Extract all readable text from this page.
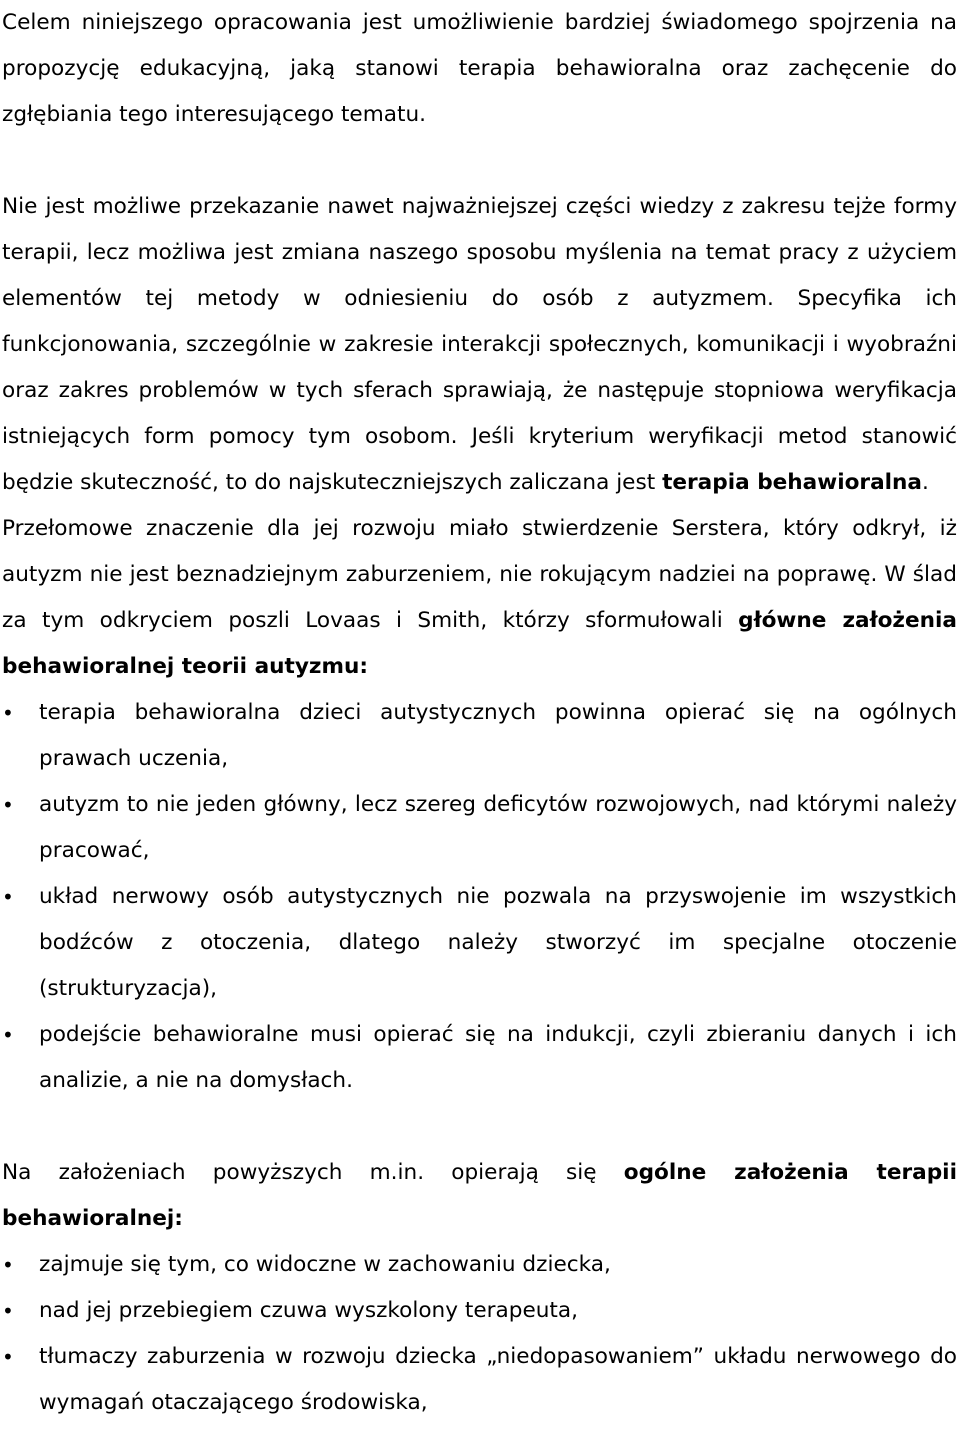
Celem niniejszego opracowania jest umożliwienie bardziej świadomego spojrzenia na propozycję edukacyjną, jaką stanowi terapia behawioralna oraz zachęcenie do zgłębiania tego interesującego tematu.

Nie jest możliwe przekazanie nawet najważniejszej części wiedzy z zakresu tejże formy terapii, lecz możliwa jest zmiana naszego sposobu myślenia na temat pracy z użyciem elementów tej metody w odniesieniu do osób z autyzmem. Specyfika ich funkcjonowania, szczególnie w zakresie interakcji społecznych, komunikacji i wyobraźni oraz zakres problemów w tych sferach sprawiają, że następuje stopniowa weryfikacja istniejących form pomocy tym osobom. Jeśli kryterium weryfikacji metod stanowić będzie skuteczność, to do najskuteczniejszych zaliczana jest terapia behawioralna.

Przełomowe znaczenie dla jej rozwoju miało stwierdzenie Serstera, który odkrył, iż autyzm nie jest beznadziejnym zaburzeniem, nie rokującym nadziei na poprawę. W ślad za tym odkryciem poszli Lovaas i Smith, którzy sformułowali główne założenia behawioralnej teorii autyzmu:

•	terapia behawioralna dzieci autystycznych powinna opierać się na ogólnych prawach uczenia,
•	autyzm to nie jeden główny, lecz szereg deficytów rozwojowych, nad którymi należy pracować,
•	układ nerwowy osób autystycznych nie pozwala na przyswojenie im wszystkich bodźców z otoczenia, dlatego należy stworzyć im specjalne otoczenie (strukturyzacja),
•	podejście behawioralne musi opierać się na indukcji, czyli zbieraniu danych i ich analizie, a nie na domysłach.

Na założeniach powyższych m.in. opierają się ogólne założenia terapii behawioralnej:

•	zajmuje się tym, co widoczne w zachowaniu dziecka,
•	nad jej przebiegiem czuwa wyszkolony terapeuta,
•	tłumaczy zaburzenia w rozwoju dziecka „niedopasowaniem” układu nerwowego do wymagań otaczającego środowiska,
